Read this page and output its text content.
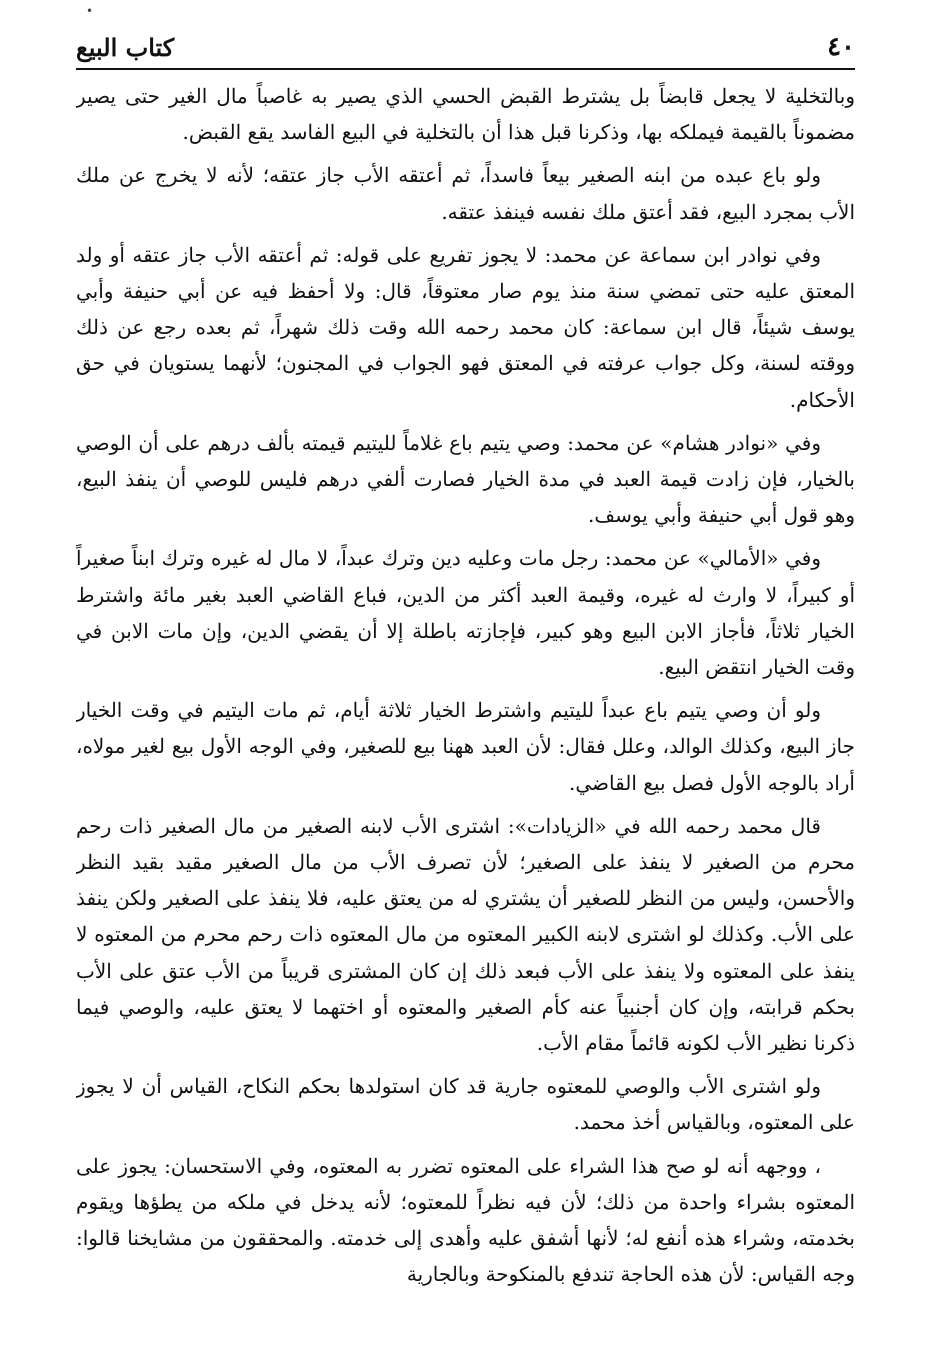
•
٤٠
كتاب البيع

وبالتخلية لا يجعل قابضاً بل يشترط القبض الحسي الذي يصير به غاصباً مال الغير حتى يصير مضموناً بالقيمة فيملكه بها، وذكرنا قبل هذا أن بالتخلية في البيع الفاسد يقع القبض.

ولو باع عبده من ابنه الصغير بيعاً فاسداً، ثم أعتقه الأب جاز عتقه؛ لأنه لا يخرج عن ملك الأب بمجرد البيع، فقد أعتق ملك نفسه فينفذ عتقه.

وفي نوادر ابن سماعة عن محمد: لا يجوز تفريع على قوله: ثم أعتقه الأب جاز عتقه أو ولد المعتق عليه حتى تمضي سنة منذ يوم صار معتوقاً، قال: ولا أحفظ فيه عن أبي حنيفة وأبي يوسف شيئاً، قال ابن سماعة: كان محمد رحمه الله وقت ذلك شهراً، ثم بعده رجع عن ذلك ووقته لسنة، وكل جواب عرفته في المعتق فهو الجواب في المجنون؛ لأنهما يستويان في حق الأحكام.

وفي «نوادر هشام» عن محمد: وصي يتيم باع غلاماً لليتيم قيمته بألف درهم على أن الوصي بالخيار، فإن زادت قيمة العبد في مدة الخيار فصارت ألفي درهم فليس للوصي أن ينفذ البيع، وهو قول أبي حنيفة وأبي يوسف.

وفي «الأمالي» عن محمد: رجل مات وعليه دين وترك عبداً، لا مال له غيره وترك ابناً صغيراً أو كبيراً، لا وارث له غيره، وقيمة العبد أكثر من الدين، فباع القاضي العبد بغير مائة واشترط الخيار ثلاثاً، فأجاز الابن البيع وهو كبير، فإجازته باطلة إلا أن يقضي الدين، وإن مات الابن في وقت الخيار انتقض البيع.

ولو أن وصي يتيم باع عبداً لليتيم واشترط الخيار ثلاثة أيام، ثم مات اليتيم في وقت الخيار جاز البيع، وكذلك الوالد، وعلل فقال: لأن العبد ههنا بيع للصغير، وفي الوجه الأول بيع لغير مولاه، أراد بالوجه الأول فصل بيع القاضي.

قال محمد رحمه الله في «الزيادات»: اشترى الأب لابنه الصغير من مال الصغير ذات رحم محرم من الصغير لا ينفذ على الصغير؛ لأن تصرف الأب من مال الصغير مقيد بقيد النظر والأحسن، وليس من النظر للصغير أن يشتري له من يعتق عليه، فلا ينفذ على الصغير ولكن ينفذ على الأب. وكذلك لو اشترى لابنه الكبير المعتوه من مال المعتوه ذات رحم محرم من المعتوه لا ينفذ على المعتوه ولا ينفذ على الأب فبعد ذلك إن كان المشترى قريباً من الأب عتق على الأب بحكم قرابته، وإن كان أجنبياً عنه كأم الصغير والمعتوه أو اختهما لا يعتق عليه، والوصي فيما ذكرنا نظير الأب لكونه قائماً مقام الأب.

ولو اشترى الأب والوصي للمعتوه جارية قد كان استولدها بحكم النكاح، القياس أن لا يجوز على المعتوه، وبالقياس أخذ محمد.

، ووجهه أنه لو صح هذا الشراء على المعتوه تضرر به المعتوه، وفي الاستحسان: يجوز على المعتوه بشراء واحدة من ذلك؛ لأن فيه نظراً للمعتوه؛ لأنه يدخل في ملكه من يطؤها ويقوم بخدمته، وشراء هذه أنفع له؛ لأنها أشفق عليه وأهدى إلى خدمته. والمحققون من مشايخنا قالوا: وجه القياس: لأن هذه الحاجة تندفع بالمنكوحة وبالجارية
